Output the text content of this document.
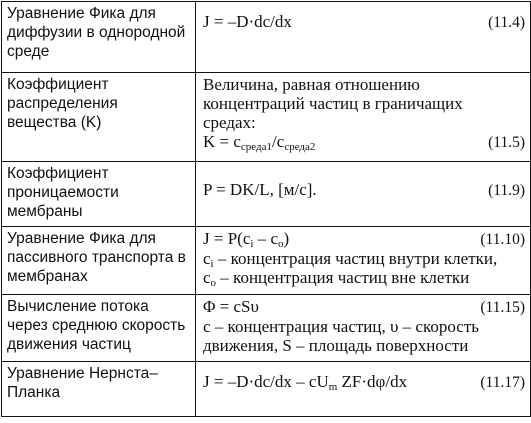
Уравнение Фика для диффузии в однородной среде	J = –D·dc/dx (11.4)

Коэффициент распределения вещества (K)	Величина, равная отношению
концентраций частиц в граничащих
средах:
$K = c_{среда1}/c_{среда2}$ (11.5)

Коэффициент проницаемости мембраны	P = DK/L, [м/с]. (11.9)

Уравнение Фика для пассивного транспорта в мембранах	$J = P(c_i - c_o)$ (11.10)
$c_i$ – концентрация частиц внутри клетки,
$c_o$ – концентрация частиц вне клетки

Вычисление потока через среднюю скорость движения частиц	Φ = cSυ (11.15)
c – концентрация частиц, υ – скорость
движения, S – площадь поверхности

Уравнение Нернста–Планка	$J = -D\cdot dc/dx - cU_m$ ZF·dφ/dx (11.17)
